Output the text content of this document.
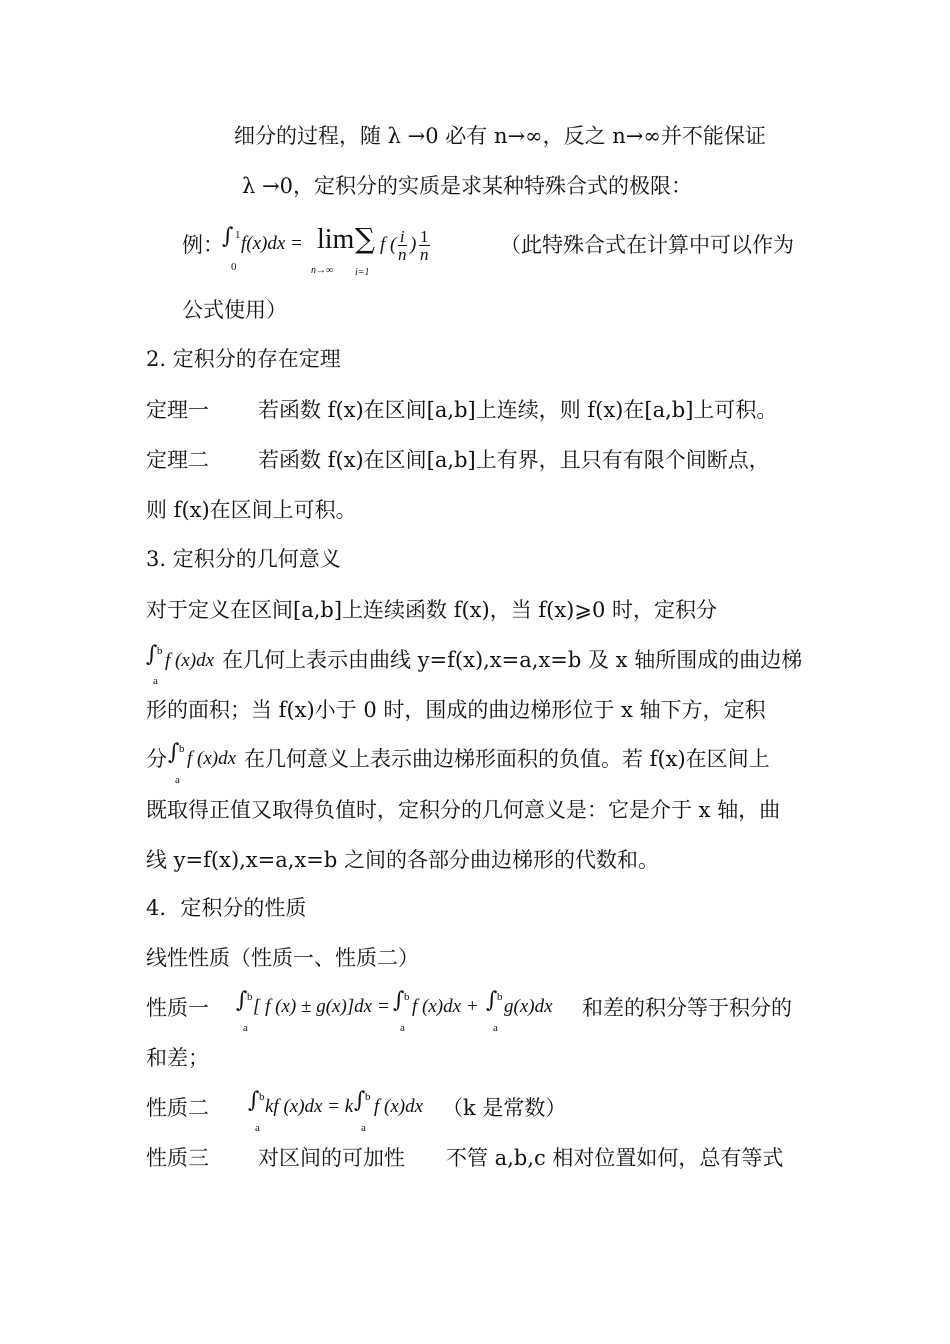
细分的过程，随 λ →0 必有 n→∞，反之 n→∞并不能保证
λ →0，定积分的实质是求某种特殊合式的极限：
例：
∫ 1
0
f(x)dx = lim
n→∞
∑
i=1
f ( $\frac{i}{n}$ ) $\frac{1}{n}$	（此特殊合式在计算中可以作为
公式使用）
2. 定积分的存在定理
定理一 若函数 f(x)在区间[a,b]上连续，则 f(x)在[a,b]上可积。
定理二 若函数 f(x)在区间[a,b]上有界，且只有有限个间断点，
则 f(x)在区间上可积。
3. 定积分的几何意义
对于定义在区间[a,b]上连续函数 f(x)，当 f(x)⩾0 时，定积分
∫ b
a
f (x)dx 在几何上表示由曲线 y=f(x),x=a,x=b 及 x 轴所围成的曲边梯
形的面积；当 f(x)小于 0 时，围成的曲边梯形位于 x 轴下方，定积
分 ∫ b
a
f (x)dx 在几何意义上表示曲边梯形面积的负值。若 f(x)在区间上
既取得正值又取得负值时，定积分的几何意义是：它是介于 x 轴，曲
线 y=f(x),x=a,x=b 之间的各部分曲边梯形的代数和。
4．定积分的性质
线性性质（性质一、性质二）
性质一 ∫ b
a
[ f (x) ± g(x)]dx = ∫ b
a
f (x)dx + ∫ b
a
g(x)dx 和差的积分等于积分的
和差；
性质二 ∫ b
a
kf (x)dx = k ∫ b
a
f (x)dx （k 是常数）
性质三 对区间的可加性 不管 a,b,c 相对位置如何，总有等式
